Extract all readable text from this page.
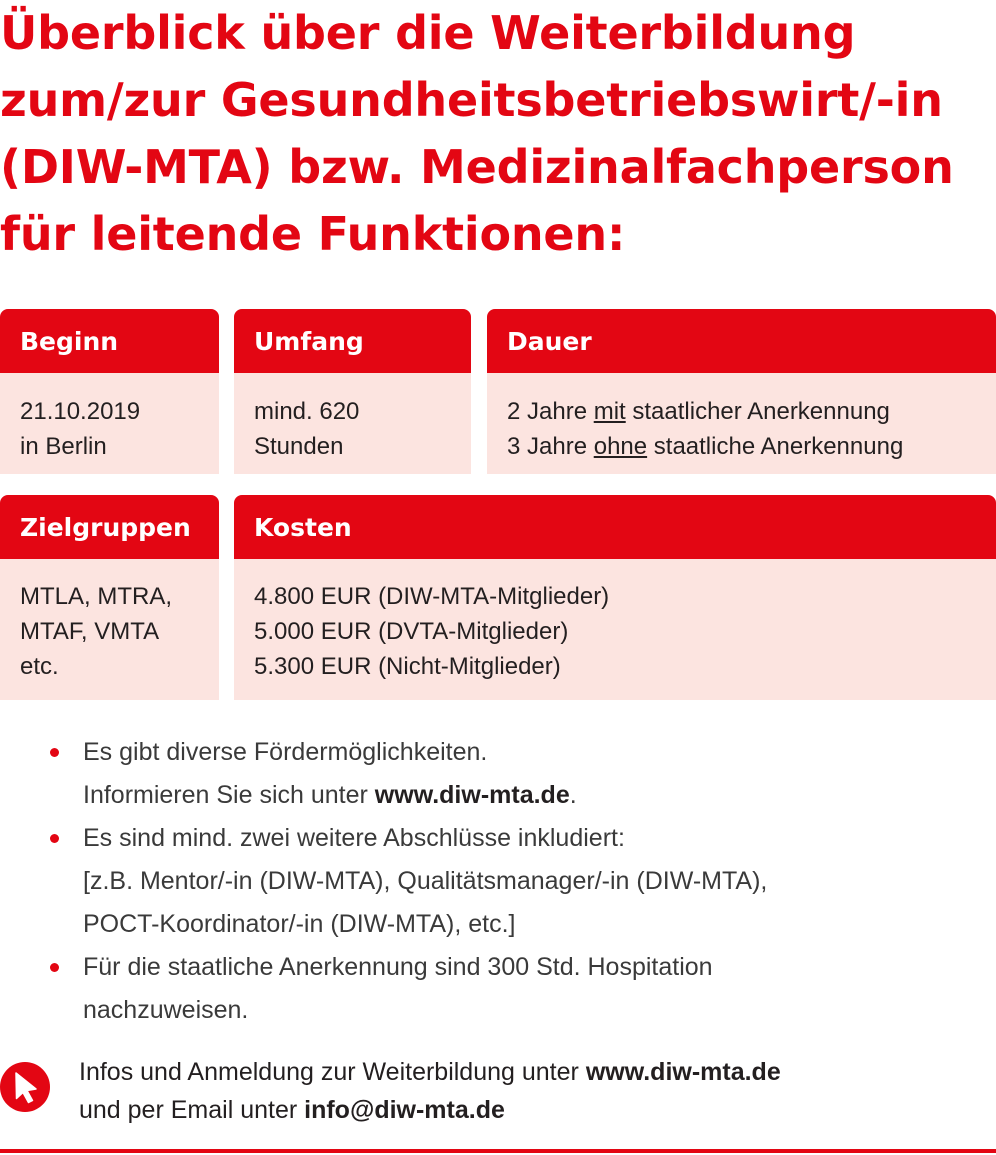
Überblick über die Weiterbildung
zum/zur Gesundheitsbetriebswirt/-in
(DIW-MTA) bzw. Medizinalfachperson
für leitende Funktionen:
Beginn
21.10.2019
in Berlin
Umfang
mind. 620
Stunden
Dauer
2 Jahre mit staatlicher Anerkennung
3 Jahre ohne staatliche Anerkennung
Zielgruppen
MTLA, MTRA,
MTAF, VMTA
etc.
Kosten
4.800 EUR (DIW-MTA-Mitglieder)
5.000 EUR (DVTA-Mitglieder)
5.300 EUR (Nicht-Mitglieder)
Es gibt diverse Fördermöglichkeiten.
Informieren Sie sich unter www.diw-mta.de.
Es sind mind. zwei weitere Abschlüsse inkludiert:
[z.B. Mentor/-in (DIW-MTA), Qualitätsmanager/-in (DIW-MTA),
POCT-Koordinator/-in (DIW-MTA), etc.]
Für die staatliche Anerkennung sind 300 Std. Hospitation
nachzuweisen.
Infos und Anmeldung zur Weiterbildung unter www.diw-mta.de
und per Email unter info@diw-mta.de
